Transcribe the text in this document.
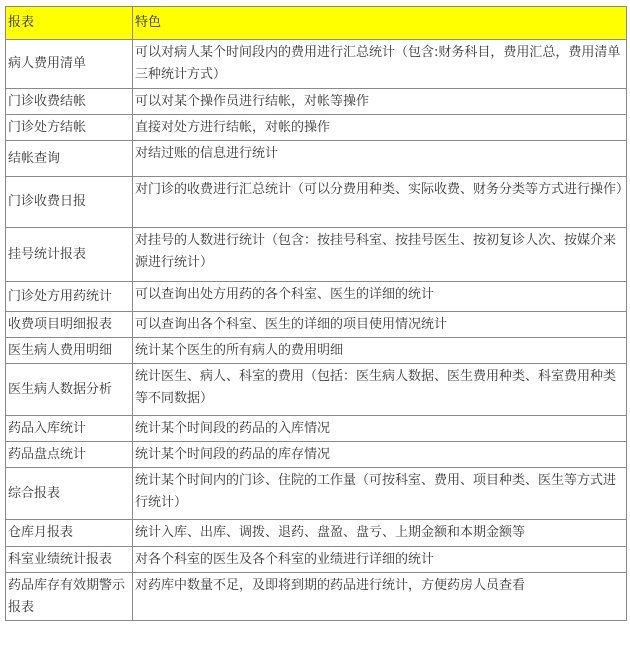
报表	特色
病人费用清单	可以对病人某个时间段内的费用进行汇总统计（包含:财务科目，费用汇总，费用清单三种统计方式）
门诊收费结帐	可以对某个操作员进行结帐，对帐等操作
门诊处方结帐	直接对处方进行结帐，对帐的操作
结帐查询	对结过账的信息进行统计
门诊收费日报	对门诊的收费进行汇总统计（可以分费用种类、实际收费、财务分类等方式进行操作）
挂号统计报表	对挂号的人数进行统计（包含：按挂号科室、按挂号医生、按初复诊人次、按媒介来源进行统计）
门诊处方用药统计	可以查询出处方用药的各个科室、医生的详细的统计
收费项目明细报表	可以查询出各个科室、医生的详细的项目使用情况统计
医生病人费用明细	统计某个医生的所有病人的费用明细
医生病人数据分析	统计医生、病人、科室的费用（包括：医生病人数据、医生费用种类、科室费用种类等不同数据）
药品入库统计	统计某个时间段的药品的入库情况
药品盘点统计	统计某个时间段的药品的库存情况
综合报表	统计某个时间内的门诊、住院的工作量（可按科室、费用、项目种类、医生等方式进行统计）
仓库月报表	统计入库、出库、调拨、退药、盘盈、盘亏、上期金额和本期金额等
科室业绩统计报表	对各个科室的医生及各个科室的业绩进行详细的统计
药品库存有效期警示报表	对药库中数量不足，及即将到期的药品进行统计，方便药房人员查看
